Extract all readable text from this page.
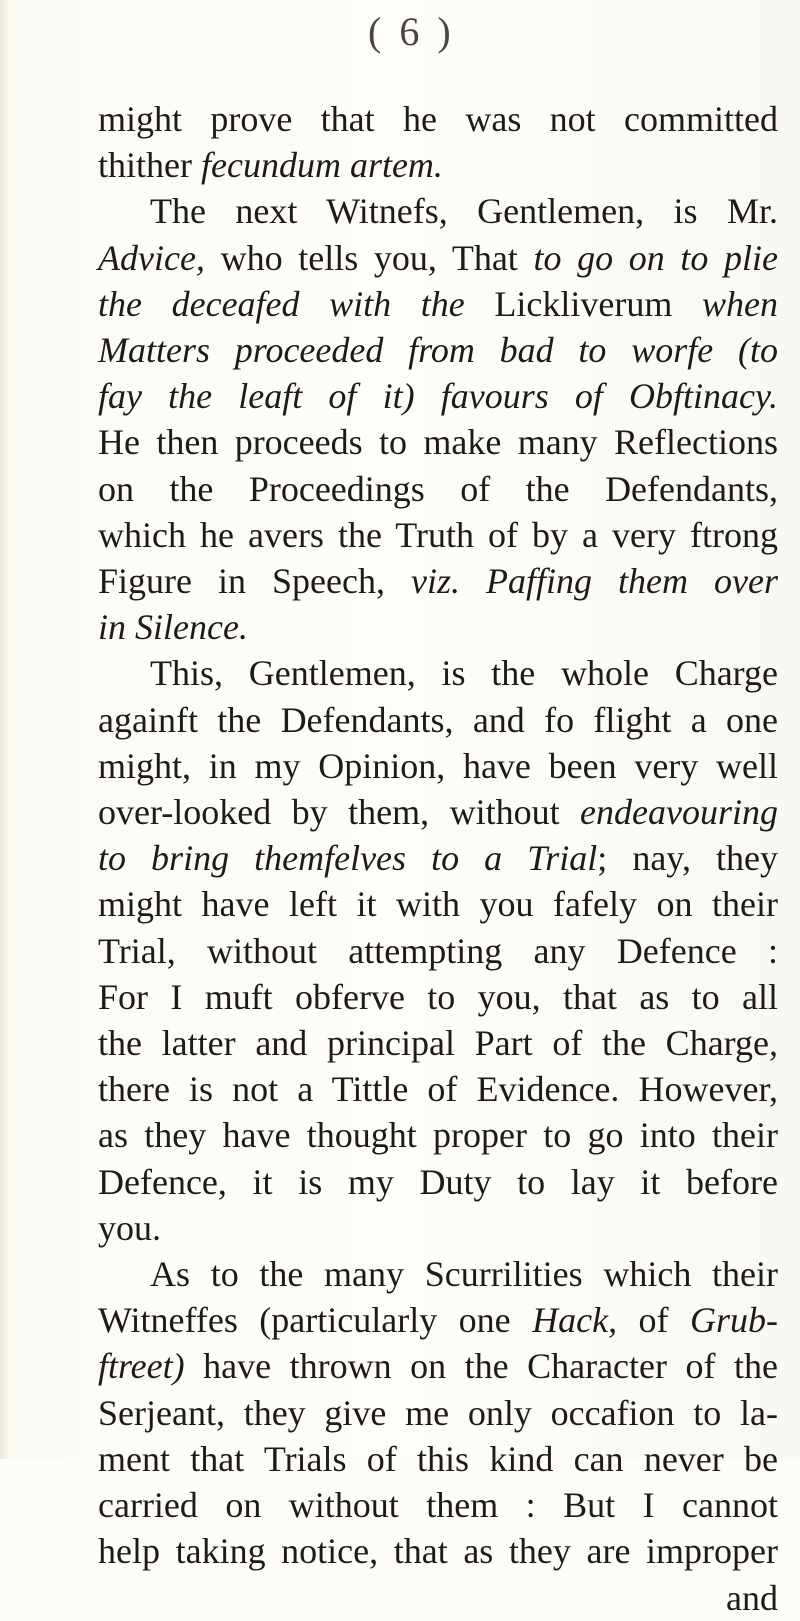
( 6 )
might prove that he was not committed
thither fecundum artem.
The next Witnefs, Gentlemen, is Mr.
Advice, who tells you, That to go on to plie
the deceafed with the Lickliverum when
Matters proceeded from bad to worfe (to
fay the leaft of it) favours of Obftinacy.
He then proceeds to make many Reflections
on the Proceedings of the Defendants,
which he avers the Truth of by a very ftrong
Figure in Speech, viz. Paffing them over
in Silence.
This, Gentlemen, is the whole Charge
againft the Defendants, and fo flight a one
might, in my Opinion, have been very well
over-looked by them, without endeavouring
to bring themfelves to a Trial; nay, they
might have left it with you fafely on their
Trial, without attempting any Defence :
For I muft obferve to you, that as to all
the latter and principal Part of the Charge,
there is not a Tittle of Evidence. However,
as they have thought proper to go into their
Defence, it is my Duty to lay it before
you.
As to the many Scurrilities which their
Witneffes (particularly one Hack, of Grub-
ftreet) have thrown on the Character of the
Serjeant, they give me only occafion to la-
ment that Trials of this kind can never be
carried on without them : But I cannot
help taking notice, that as they are improper
and
